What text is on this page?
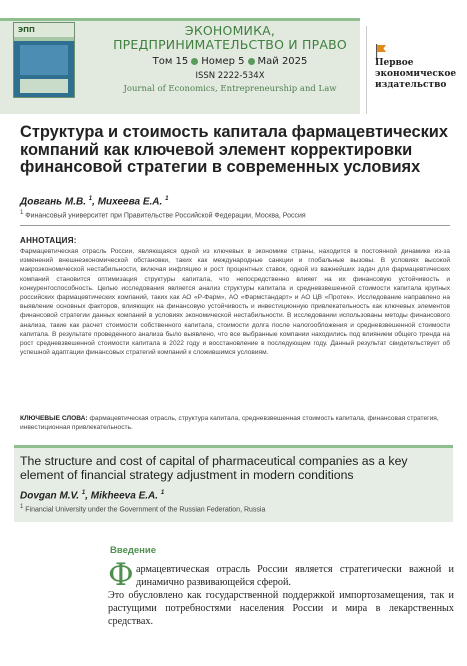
ЭПП	ЭКОНОМИКА,
ПРЕДПРИНИМАТЕЛЬСТВО И ПРАВО
Том 15 Номер 5 Май 2025
ISSN 2222-534X
Journal of Economics, Entrepreneurship and Law
Первое
экономическое
издательство
Структура и стоимость капитала фармацевтических компаний как ключевой элемент корректировки финансовой стратегии в современных условиях
Довгань М.В. $^1$, Михеева Е.А. $^1$
$^1$ Финансовый университет при Правительстве Российской Федерации, Москва, Россия
АННОТАЦИЯ:
Фармацевтическая отрасль России, являющаяся одной из ключевых в экономике страны, находится в постоянной динамике из-за изменений внешнеэкономической обстановки, таких как международные санкции и глобальные вызовы. В условиях высокой макроэкономической нестабильности, включая инфляцию и рост процентных ставок, одной из важнейших задач для фармацевтических компаний становится оптимизация структуры капитала, что непосредственно влияет на их финансовую устойчивость и конкурентоспособность. Целью исследования является анализ структуры капитала и средневзвешенной стоимости капитала крупных российских фармацевтических компаний, таких как АО «Р-Фарм», АО «Фармстандарт» и АО ЦВ «Протек». Исследование направлено на выявление основных факторов, влияющих на финансовую устойчивость и инвестиционную привлекательность как ключевых элементов финансовой стратегии данных компаний в условиях экономической нестабильности. В исследовании использованы методы финансового анализа, такие как расчет стоимости собственного капитала, стоимости долга после налогообложения и средневзвешенной стоимости капитала. В результате проведенного анализа было выявлено, что все выбранные компании находились под влиянием общего тренда на рост средневзвешенной стоимости капитала в 2022 году и восстановление в последующем году. Данный результат свидетельствует об успешной адаптации финансовых стратегий компаний к сложившимся условиям.
КЛЮЧЕВЫЕ СЛОВА: фармацевтическая отрасль, структура капитала, средневзвешенная стоимость капитала, финансовая стратегия, инвестиционная привлекательность.
The structure and cost of capital of pharmaceutical companies as a key element of financial strategy adjustment in modern conditions
Dovgan M.V. $^1$, Mikheeva E.A. $^1$
$^1$ Financial University under the Government of the Russian Federation, Russia
Введение
Ф армацевтическая отрасль России является стратегически важной и динамично развивающейся сферой.
Это обусловлено как государственной поддержкой импортозамещения, так и растущими потребностями населения России и мира в лекарственных средствах.
